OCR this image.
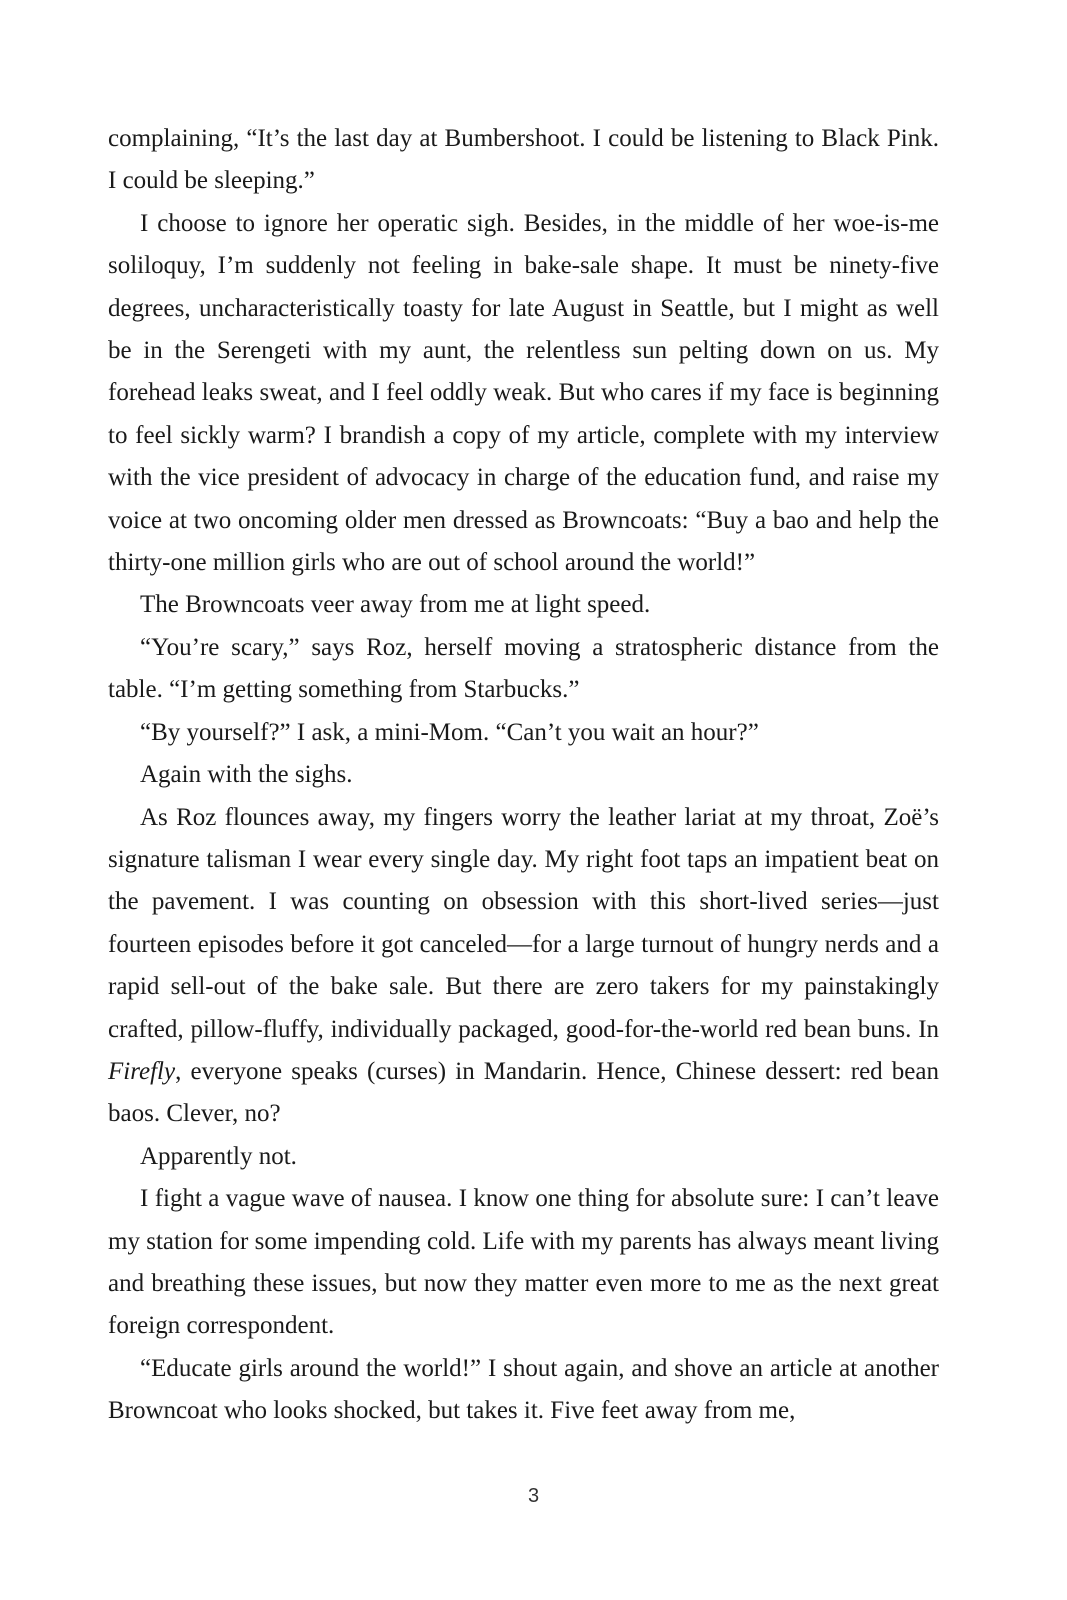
complaining, “It’s the last day at Bumbershoot. I could be listening to Black Pink. I could be sleeping.”

I choose to ignore her operatic sigh. Besides, in the middle of her woe-is-me soliloquy, I’m suddenly not feeling in bake-sale shape. It must be ninety-five degrees, uncharacteristically toasty for late August in Seattle, but I might as well be in the Serengeti with my aunt, the relentless sun pelting down on us. My forehead leaks sweat, and I feel oddly weak. But who cares if my face is beginning to feel sickly warm? I brandish a copy of my article, complete with my interview with the vice president of advocacy in charge of the education fund, and raise my voice at two oncoming older men dressed as Browncoats: “Buy a bao and help the thirty-one million girls who are out of school around the world!”

The Browncoats veer away from me at light speed.

“You’re scary,” says Roz, herself moving a stratospheric distance from the table. “I’m getting something from Starbucks.”

“By yourself?” I ask, a mini-Mom. “Can’t you wait an hour?”

Again with the sighs.

As Roz flounces away, my fingers worry the leather lariat at my throat, Zoë’s signature talisman I wear every single day. My right foot taps an impatient beat on the pavement. I was counting on obsession with this short-lived series—just fourteen episodes before it got canceled—for a large turnout of hungry nerds and a rapid sell-out of the bake sale. But there are zero takers for my painstakingly crafted, pillow-fluffy, individually packaged, good-for-the-world red bean buns. In Firefly, everyone speaks (curses) in Mandarin. Hence, Chinese dessert: red bean baos. Clever, no?

Apparently not.

I fight a vague wave of nausea. I know one thing for absolute sure: I can’t leave my station for some impending cold. Life with my parents has always meant living and breathing these issues, but now they matter even more to me as the next great foreign correspondent.

“Educate girls around the world!” I shout again, and shove an article at another Browncoat who looks shocked, but takes it. Five feet away from me,

3
